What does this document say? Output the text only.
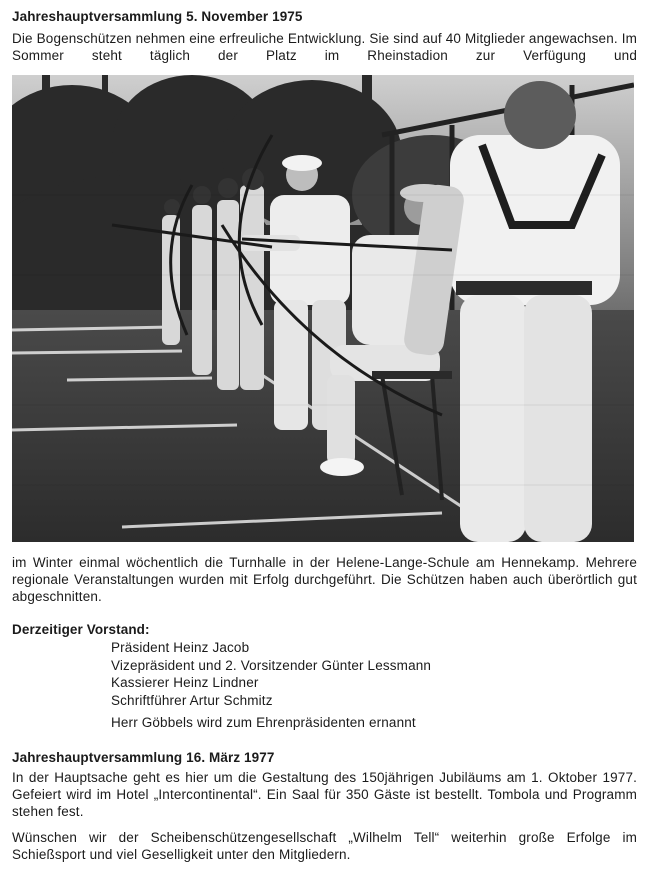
Jahreshauptversammlung 5. November 1975
Die Bogenschützen nehmen eine erfreuliche Entwicklung. Sie sind auf 40 Mitglieder angewachsen. Im Sommer steht täglich der Platz im Rheinstadion zur Verfügung und
im Winter einmal wöchentlich die Turnhalle in der Helene-Lange-Schule am Hennekamp. Mehrere regionale Veranstaltungen wurden mit Erfolg durchgeführt. Die Schützen haben auch überörtlich gut abgeschnitten.
Derzeitiger Vorstand:
Präsident Heinz Jacob
Vizepräsident und 2. Vorsitzender Günter Lessmann
Kassierer Heinz Lindner
Schriftführer Artur Schmitz
Herr Göbbels wird zum Ehrenpräsidenten ernannt
Jahreshauptversammlung 16. März 1977
In der Hauptsache geht es hier um die Gestaltung des 150jährigen Jubiläums am 1. Oktober 1977. Gefeiert wird im Hotel „Intercontinental“. Ein Saal für 350 Gäste ist bestellt. Tombola und Programm stehen fest.
Wünschen wir der Scheibenschützengesellschaft „Wilhelm Tell“ weiterhin große Erfolge im Schießsport und viel Geselligkeit unter den Mitgliedern.
